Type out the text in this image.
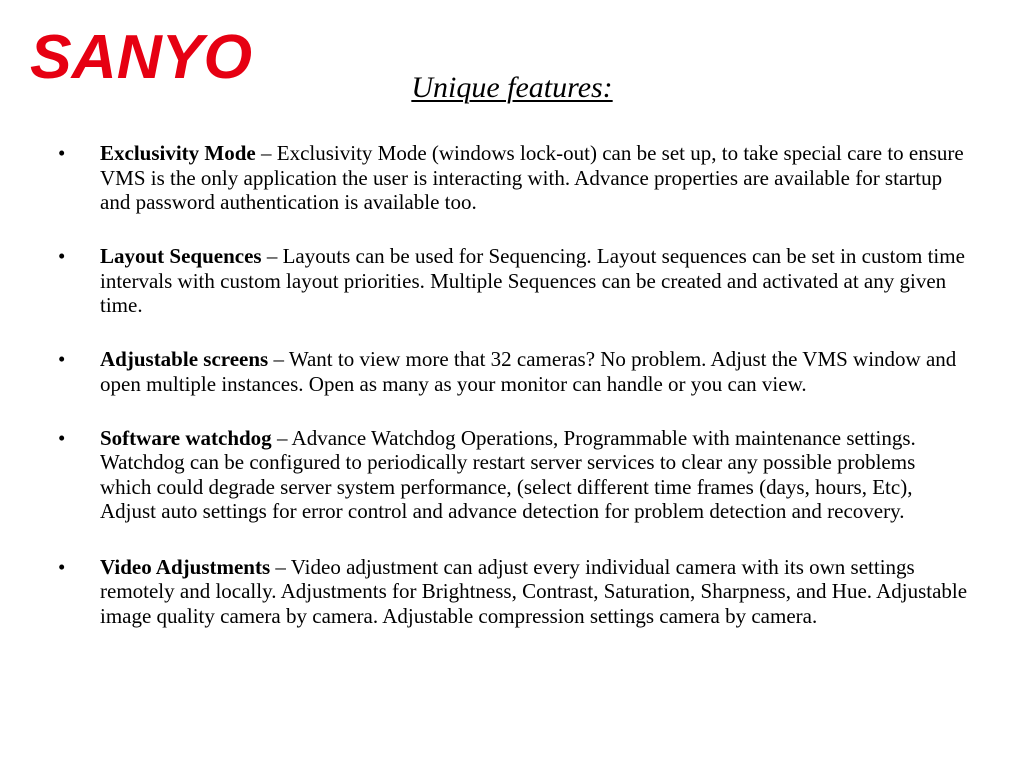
SANYO	Unique features:
• Exclusivity Mode – Exclusivity Mode (windows lock-out) can be set up, to take special care to ensure VMS is the only application the user is interacting with. Advance properties are available for startup and password authentication is available too.
• Layout Sequences – Layouts can be used for Sequencing. Layout sequences can be set in custom time intervals with custom layout priorities. Multiple Sequences can be created and activated at any given time.
• Adjustable screens – Want to view more that 32 cameras? No problem. Adjust the VMS window and open multiple instances. Open as many as your monitor can handle or you can view.
• Software watchdog – Advance Watchdog Operations, Programmable with maintenance settings. Watchdog can be configured to periodically restart server services to clear any possible problems which could degrade server system performance, (select different time frames (days, hours, Etc), Adjust auto settings for error control and advance detection for problem detection and recovery.
• Video Adjustments – Video adjustment can adjust every individual camera with its own settings remotely and locally. Adjustments for Brightness, Contrast, Saturation, Sharpness, and Hue. Adjustable image quality camera by camera. Adjustable compression settings camera by camera.
